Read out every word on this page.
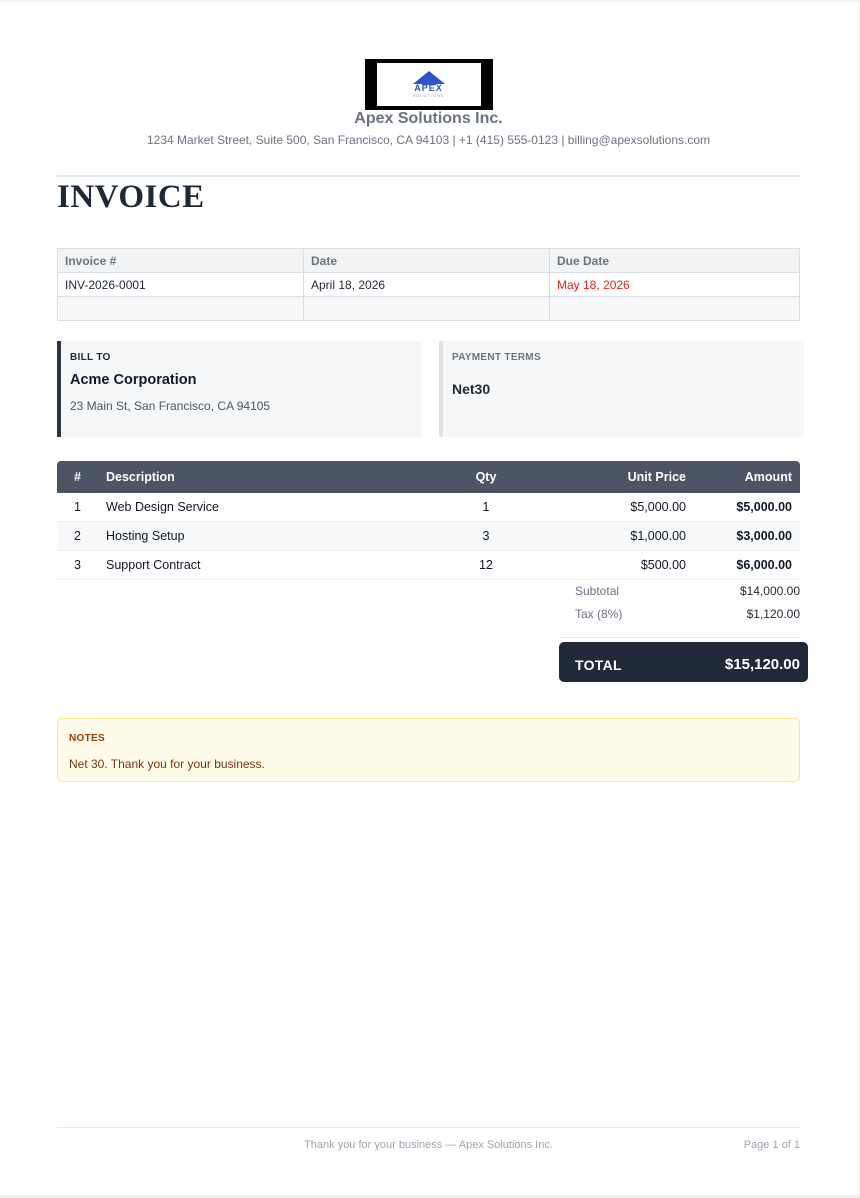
APEX
SOLUTIONS
Apex Solutions Inc.
1234 Market Street, Suite 500, San Francisco, CA 94103 | +1 (415) 555-0123 | billing@apexsolutions.com
INVOICE
Invoice #	Date	Due Date
INV-2026-0001	April 18, 2026	May 18, 2026

BILL TO
Acme Corporation
23 Main St, San Francisco, CA 94105
PAYMENT TERMS
Net30
#	Description	Qty	Unit Price	Amount
1	Web Design Service	1	$5,000.00	$5,000.00
2	Hosting Setup	3	$1,000.00	$3,000.00
3	Support Contract	12	$500.00	$6,000.00
Subtotal	$14,000.00
Tax (8%)	$1,120.00
TOTAL	$15,120.00
NOTES
Net 30. Thank you for your business.
Thank you for your business — Apex Solutions Inc.	Page 1 of 1
